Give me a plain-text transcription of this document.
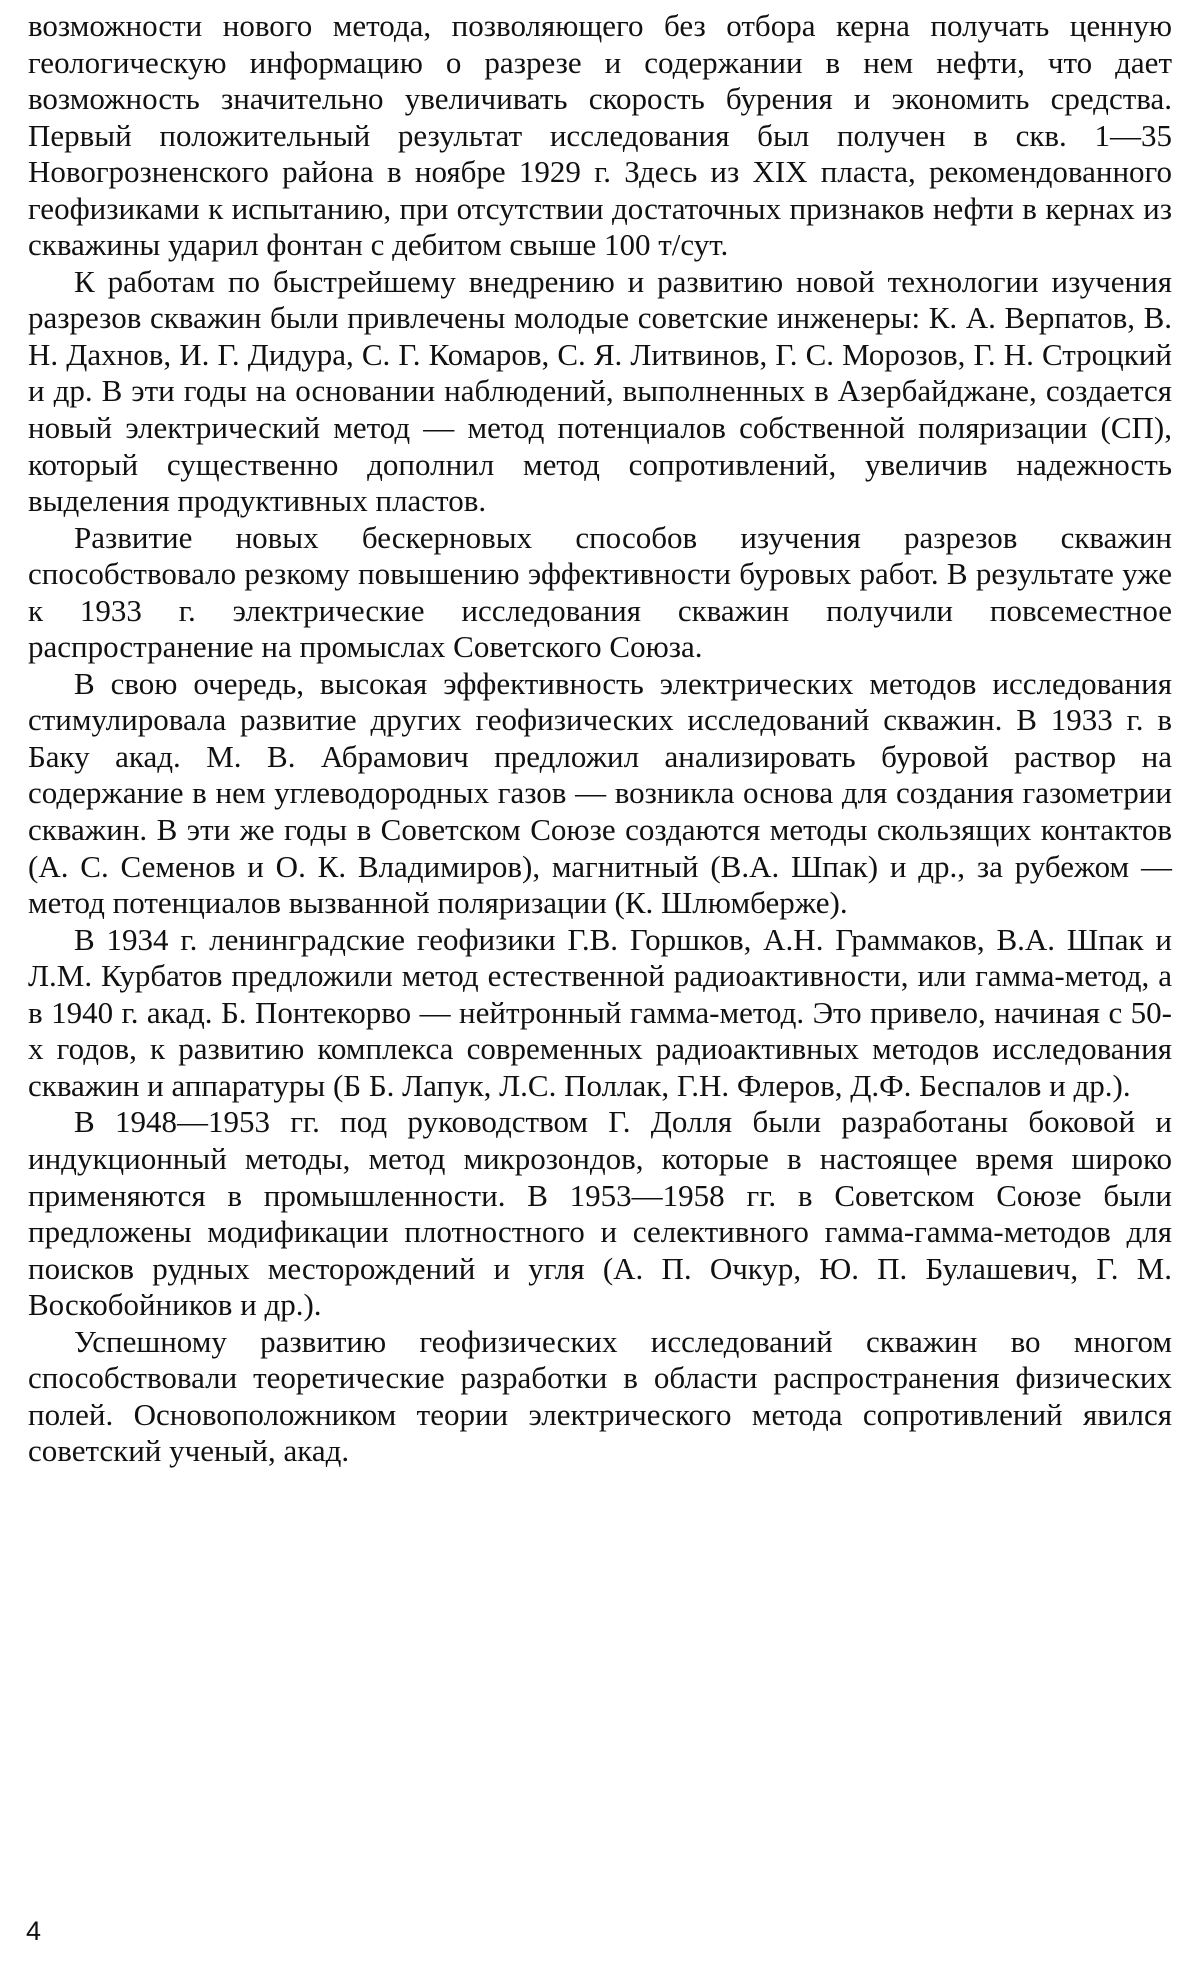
возможности нового метода, позволяющего без отбора керна получать ценную геологическую информацию о разрезе и содержании в нем нефти, что дает возможность значительно увеличивать скорость бурения и экономить средства. Первый положительный результат исследования был получен в скв. 1—35 Новогрозненского района в ноябре 1929 г. Здесь из XIX пласта, рекомендованного геофизиками к испытанию, при отсутствии достаточных признаков нефти в кернах из скважины ударил фонтан с дебитом свыше 100 т/сут.

К работам по быстрейшему внедрению и развитию новой технологии изучения разрезов скважин были привлечены молодые советские инженеры: К. А. Верпатов, В. Н. Дахнов, И. Г. Дидура, С. Г. Комаров, С. Я. Литвинов, Г. С. Морозов, Г. Н. Строцкий и др. В эти годы на основании наблюдений, выполненных в Азербайджане, создается новый электрический метод — метод потенциалов собственной поляризации (СП), который существенно дополнил метод сопротивлений, увеличив надежность выделения продуктивных пластов.

Развитие новых бескерновых способов изучения разрезов скважин способствовало резкому повышению эффективности буровых работ. В результате уже к 1933 г. электрические исследования скважин получили повсеместное распространение на промыслах Советского Союза.

В свою очередь, высокая эффективность электрических методов исследования стимулировала развитие других геофизических исследований скважин. В 1933 г. в Баку акад. М. В. Абрамович предложил анализировать буровой раствор на содержание в нем углеводородных газов — возникла основа для создания газометрии скважин. В эти же годы в Советском Союзе создаются методы скользящих контактов (А. С. Семенов и О. К. Владимиров), магнитный (В.А. Шпак) и др., за рубежом — метод потенциалов вызванной поляризации (К. Шлюмберже).

В 1934 г. ленинградские геофизики Г.В. Горшков, А.Н. Граммаков, В.А. Шпак и Л.М. Курбатов предложили метод естественной радиоактивности, или гамма-метод, а в 1940 г. акад. Б. Понтекорво — нейтронный гамма-метод. Это привело, начиная с 50-х годов, к развитию комплекса современных радиоактивных методов исследования скважин и аппаратуры (Б Б. Лапук, Л.С. Поллак, Г.Н. Флеров, Д.Ф. Беспалов и др.).

В 1948—1953 гг. под руководством Г. Долля были разработаны боковой и индукционный методы, метод микрозондов, которые в настоящее время широко применяются в промышленности. В 1953—1958 гг. в Советском Союзе были предложены модификации плотностного и селективного гамма-гамма-методов для поисков рудных месторождений и угля (А. П. Очкур, Ю. П. Булашевич, Г. М. Воскобойников и др.).

Успешному развитию геофизических исследований скважин во многом способствовали теоретические разработки в области распространения физических полей. Основоположником теории электрического метода сопротивлений явился советский ученый, акад.

4
